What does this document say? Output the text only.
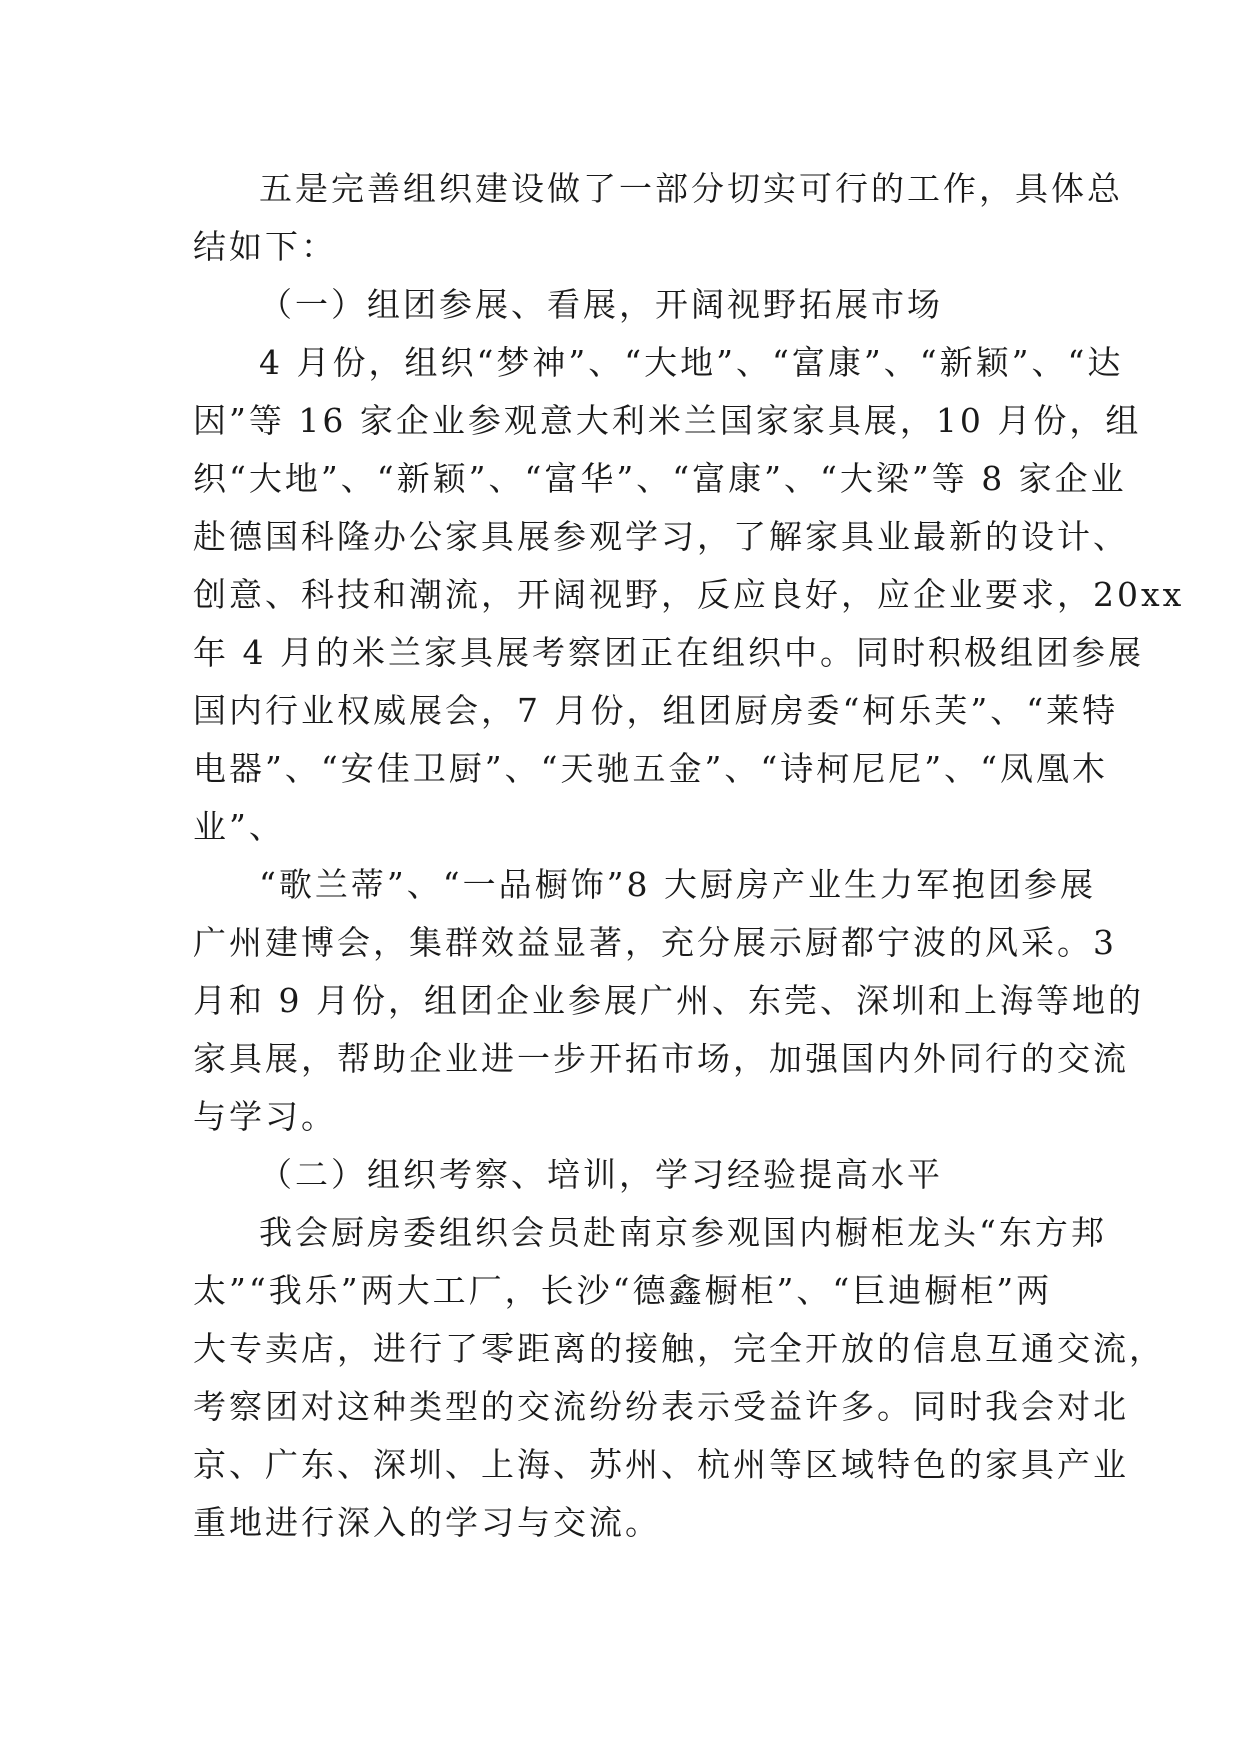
五是完善组织建设做了一部分切实可行的工作，具体总
结如下：
（一）组团参展、看展，开阔视野拓展市场
4 月份，组织“梦神”、“大地”、“富康”、“新颖”、“达
因”等 16 家企业参观意大利米兰国家家具展，10 月份，组
织“大地”、“新颖”、“富华”、“富康”、“大梁”等 8 家企业
赴德国科隆办公家具展参观学习，了解家具业最新的设计、
创意、科技和潮流，开阔视野，反应良好，应企业要求，20xx
年 4 月的米兰家具展考察团正在组织中。同时积极组团参展
国内行业权威展会，7 月份，组团厨房委“柯乐芙”、“莱特
电器”、“安佳卫厨”、“天驰五金”、“诗柯尼尼”、“凤凰木
业”、
“歌兰蒂”、“一品橱饰”8 大厨房产业生力军抱团参展
广州建博会，集群效益显著，充分展示厨都宁波的风采。3
月和 9 月份，组团企业参展广州、东莞、深圳和上海等地的
家具展，帮助企业进一步开拓市场，加强国内外同行的交流
与学习。
（二）组织考察、培训，学习经验提高水平
我会厨房委组织会员赴南京参观国内橱柜龙头“东方邦
太”“我乐”两大工厂，长沙“德鑫橱柜”、“巨迪橱柜”两
大专卖店，进行了零距离的接触，完全开放的信息互通交流，
考察团对这种类型的交流纷纷表示受益许多。同时我会对北
京、广东、深圳、上海、苏州、杭州等区域特色的家具产业
重地进行深入的学习与交流。
